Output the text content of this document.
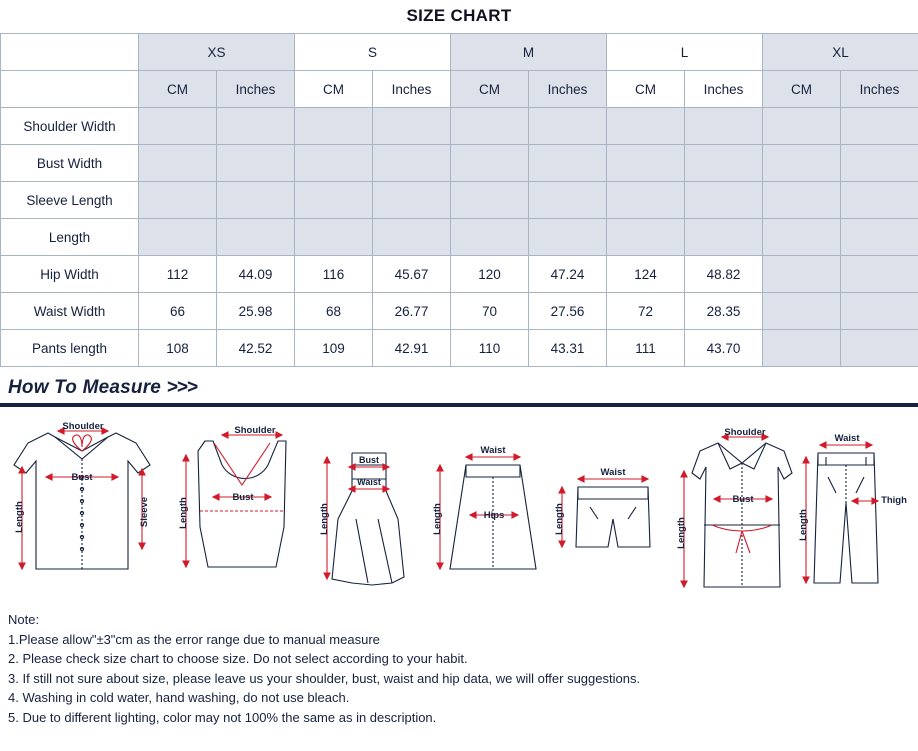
SIZE CHART
	XS		S		M		L		XL	
	CM	Inches	CM	Inches	CM	Inches	CM	Inches	CM	Inches
Shoulder Width										
Bust Width										
Sleeve Length										
Length										
Hip Width	112	44.09	116	45.67	120	47.24	124	48.82		
Waist Width	66	25.98	68	26.77	70	27.56	72	28.35		
Pants length	108	42.52	109	42.91	110	43.31	111	43.70		
How To Measure >>>
Shoulder
Bust
Length	Sleeve
Shoulder
Bust
Length
Bust
Waist
Length
Waist
Hips
Length
Waist
Length
Shoulder
Bust
Length
Waist
Thigh
Length
Note:
1.Please allow"±3"cm as the error range due to manual measure
2. Please check size chart to choose size. Do not select according to your habit.
3. If still not sure about size, please leave us your shoulder, bust, waist and hip data, we will offer suggestions.
4. Washing in cold water, hand washing, do not use bleach.
5. Due to different lighting, color may not 100% the same as in description.
